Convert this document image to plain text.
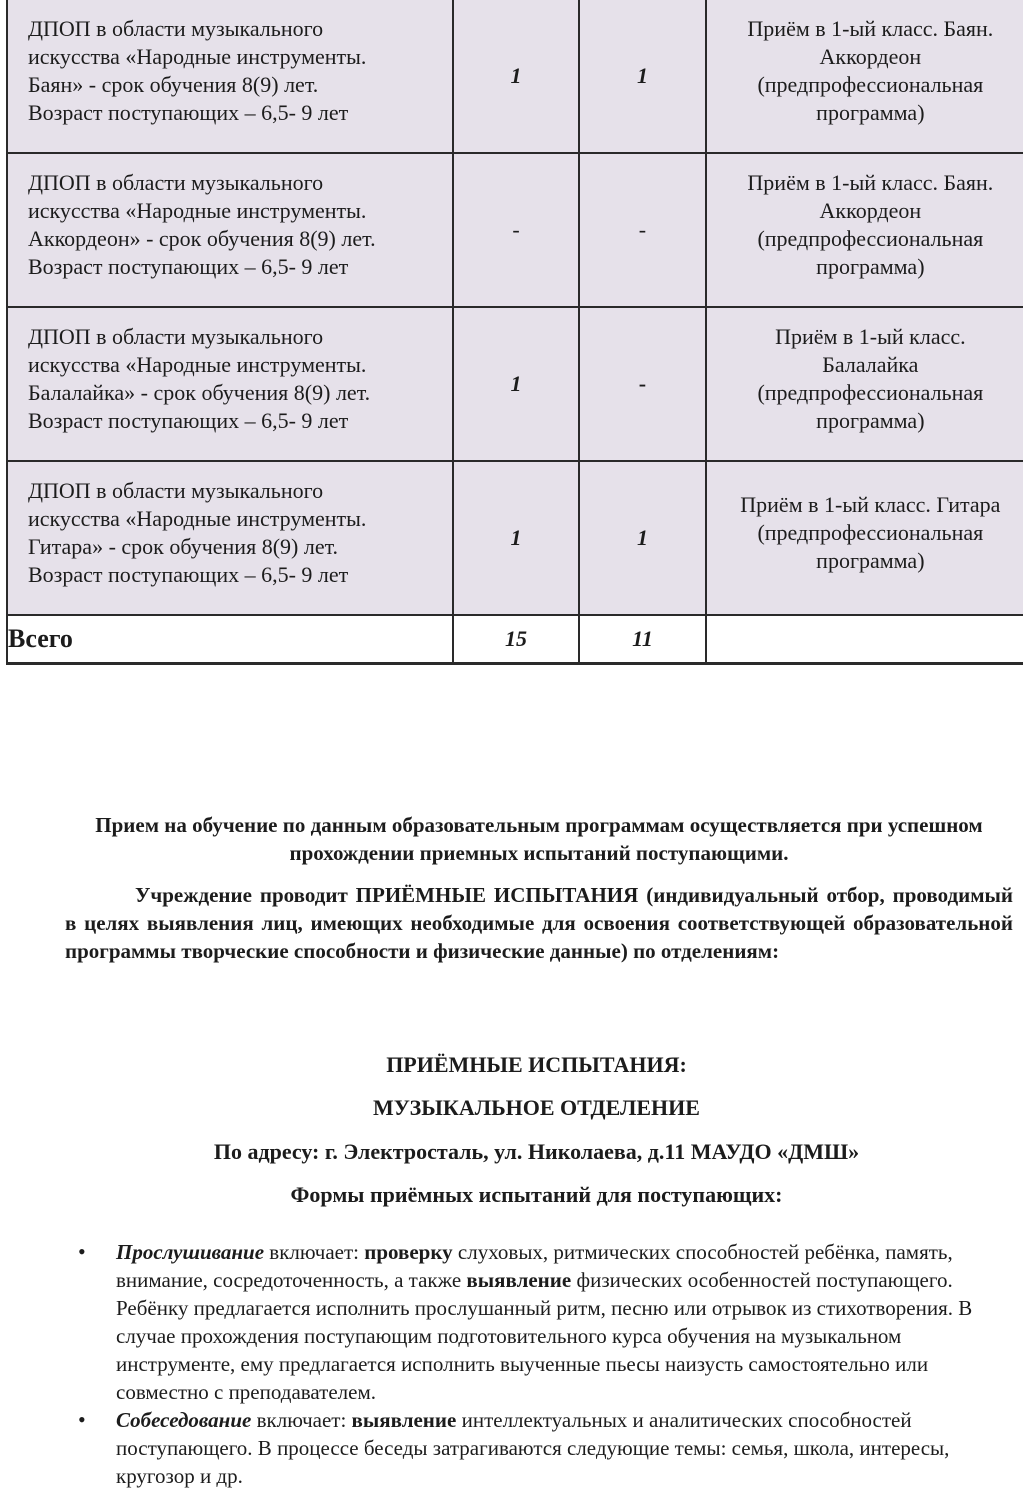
ДПОП в области музыкального
искусства «Народные инструменты.
Баян» - срок обучения 8(9) лет.
Возраст поступающих – 6,5- 9 лет	1	1	Приём в 1-ый класс. Баян.
Аккордеон
(предпрофессиональная
программа)

ДПОП в области музыкального
искусства «Народные инструменты.
Аккордеон» - срок обучения 8(9) лет.
Возраст поступающих – 6,5- 9 лет	-	-	Приём в 1-ый класс. Баян.
Аккордеон
(предпрофессиональная
программа)

ДПОП в области музыкального
искусства «Народные инструменты.
Балалайка» - срок обучения 8(9) лет.
Возраст поступающих – 6,5- 9 лет	1	-	Приём в 1-ый класс.
Балалайка
(предпрофессиональная
программа)

ДПОП в области музыкального
искусства «Народные инструменты.
Гитара» - срок обучения 8(9) лет.
Возраст поступающих – 6,5- 9 лет	1	1	Приём в 1-ый класс. Гитара
(предпрофессиональная
программа)

Всего	15	11	
Прием на обучение по данным образовательным программам осуществляется при успешном прохождении приемных испытаний поступающими.
Учреждение проводит ПРИЁМНЫЕ ИСПЫТАНИЯ (индивидуальный отбор, проводимый в целях выявления лиц, имеющих необходимые для освоения соответствующей образовательной программы творческие способности и физические данные) по отделениям:
ПРИЁМНЫЕ ИСПЫТАНИЯ:
МУЗЫКАЛЬНОЕ ОТДЕЛЕНИЕ
По адресу: г. Электросталь, ул. Николаева, д.11 МАУДО «ДМШ»
Формы приёмных испытаний для поступающих:
• Прослушивание включает: проверку слуховых, ритмических способностей ребёнка, память, внимание, сосредоточенность, а также выявление физических особенностей поступающего. Ребёнку предлагается исполнить прослушанный ритм, песню или отрывок из стихотворения. В случае прохождения поступающим подготовительного курса обучения на музыкальном инструменте, ему предлагается исполнить выученные пьесы наизусть самостоятельно или совместно с преподавателем.
• Собеседование включает: выявление интеллектуальных и аналитических способностей поступающего. В процессе беседы затрагиваются следующие темы: семья, школа, интересы, кругозор и др.
